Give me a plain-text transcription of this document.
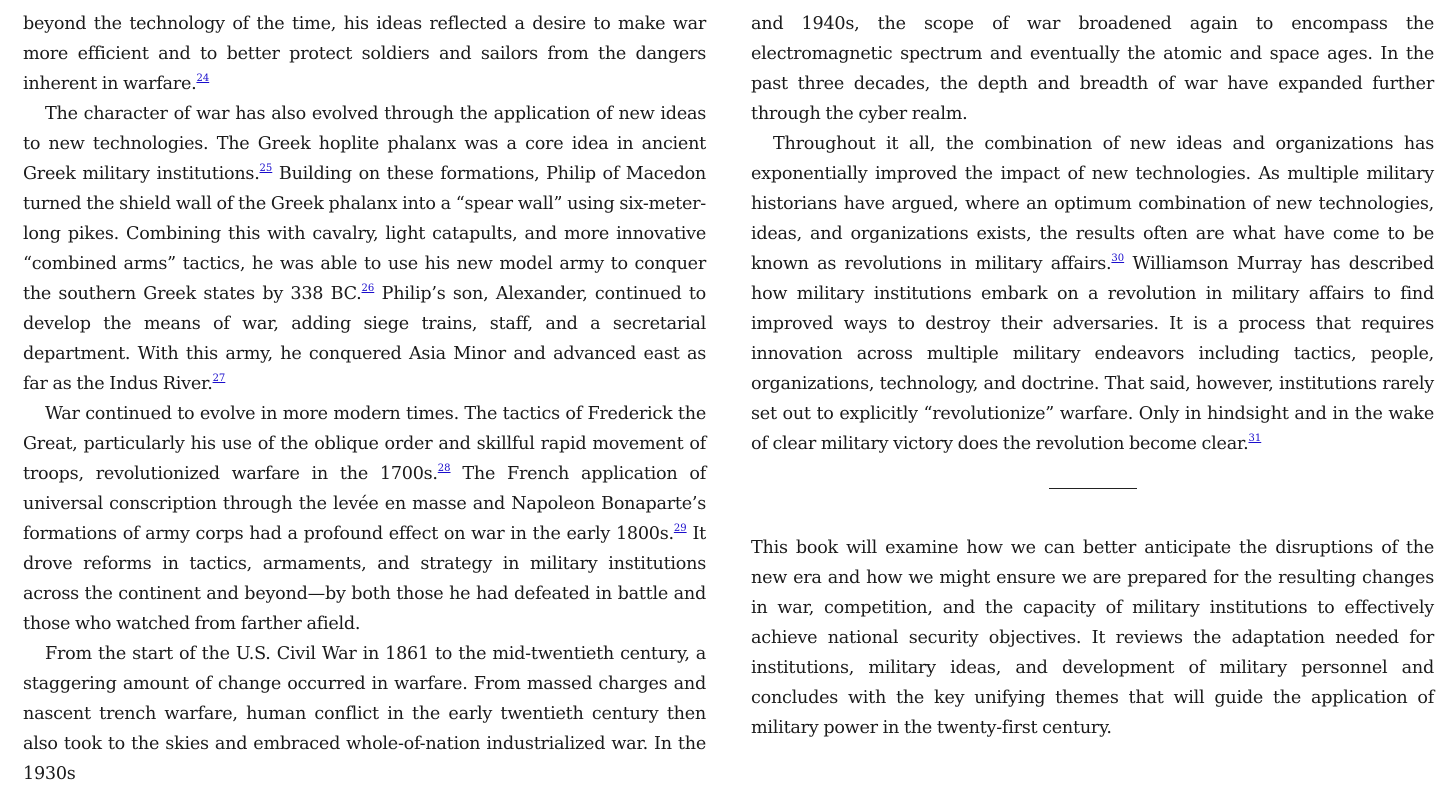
beyond the technology of the time, his ideas reflected a desire to make war more efficient and to better protect soldiers and sailors from the dangers inherent in warfare.$^{24}$

The character of war has also evolved through the application of new ideas to new technologies. The Greek hoplite phalanx was a core idea in ancient Greek military institutions.$^{25}$ Building on these formations, Philip of Macedon turned the shield wall of the Greek phalanx into a “spear wall” using six-meter-long pikes. Combining this with cavalry, light catapults, and more innovative “combined arms” tactics, he was able to use his new model army to conquer the southern Greek states by 338 BC.$^{26}$ Philip’s son, Alexander, continued to develop the means of war, adding siege trains, staff, and a secretarial department. With this army, he conquered Asia Minor and advanced east as far as the Indus River.$^{27}$

War continued to evolve in more modern times. The tactics of Frederick the Great, particularly his use of the oblique order and skillful rapid movement of troops, revolutionized warfare in the 1700s.$^{28}$ The French application of universal conscription through the levée en masse and Napoleon Bonaparte’s formations of army corps had a profound effect on war in the early 1800s.$^{29}$ It drove reforms in tactics, armaments, and strategy in military institutions across the continent and beyond—by both those he had defeated in battle and those who watched from farther afield.

From the start of the U.S. Civil War in 1861 to the mid-twentieth century, a staggering amount of change occurred in warfare. From massed charges and nascent trench warfare, human conflict in the early twentieth century then also took to the skies and embraced whole-of-nation industrialized war. In the 1930s

and 1940s, the scope of war broadened again to encompass the electromagnetic spectrum and eventually the atomic and space ages. In the past three decades, the depth and breadth of war have expanded further through the cyber realm.

Throughout it all, the combination of new ideas and organizations has exponentially improved the impact of new technologies. As multiple military historians have argued, where an optimum combination of new technologies, ideas, and organizations exists, the results often are what have come to be known as revolutions in military affairs.$^{30}$ Williamson Murray has described how military institutions embark on a revolution in military affairs to find improved ways to destroy their adversaries. It is a process that requires innovation across multiple military endeavors including tactics, people, organizations, technology, and doctrine. That said, however, institutions rarely set out to explicitly “revolutionize” warfare. Only in hindsight and in the wake of clear military victory does the revolution become clear.$^{31}$

This book will examine how we can better anticipate the disruptions of the new era and how we might ensure we are prepared for the resulting changes in war, competition, and the capacity of military institutions to effectively achieve national security objectives. It reviews the adaptation needed for institutions, military ideas, and development of military personnel and concludes with the key unifying themes that will guide the application of military power in the twenty-first century.
